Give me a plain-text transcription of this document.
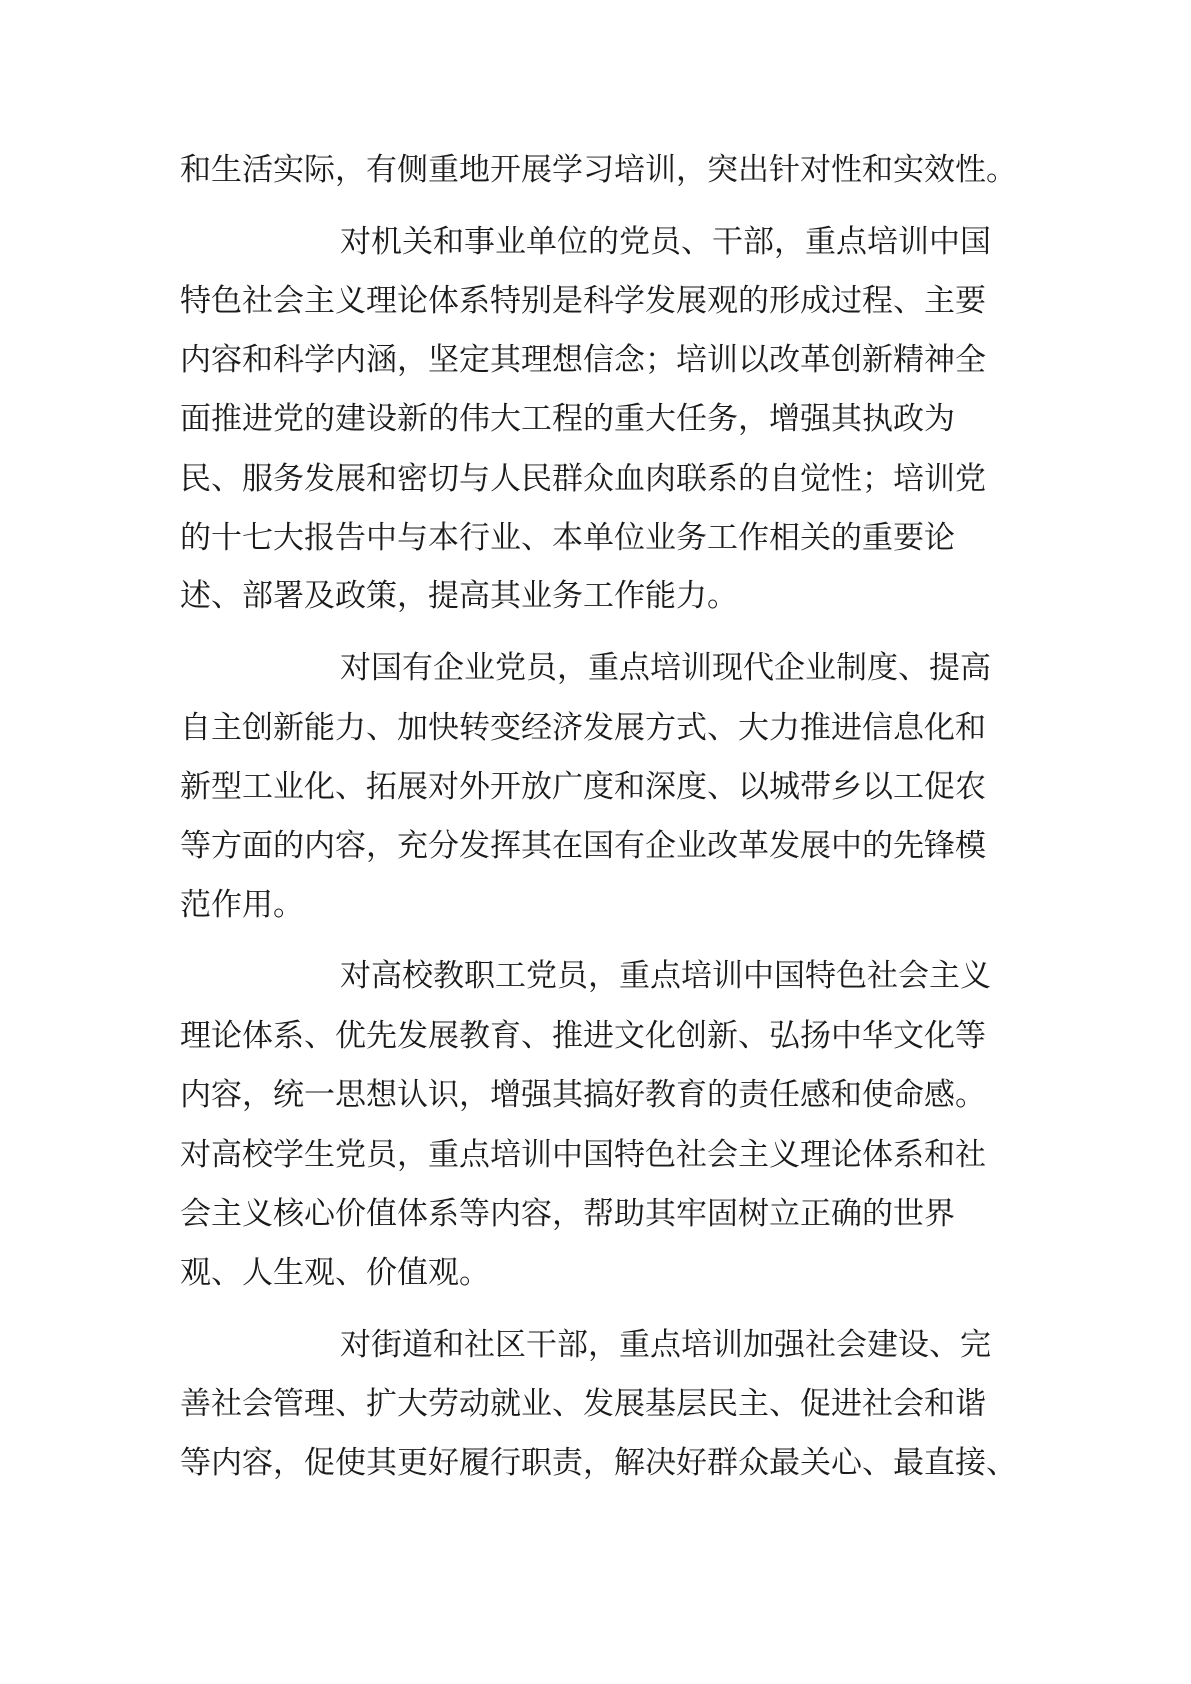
和生活实际，有侧重地开展学习培训，突出针对性和实效性。
对机关和事业单位的党员、干部，重点培训中国
特色社会主义理论体系特别是科学发展观的形成过程、主要
内容和科学内涵，坚定其理想信念；培训以改革创新精神全
面推进党的建设新的伟大工程的重大任务，增强其执政为
民、服务发展和密切与人民群众血肉联系的自觉性；培训党
的十七大报告中与本行业、本单位业务工作相关的重要论
述、部署及政策，提高其业务工作能力。
对国有企业党员，重点培训现代企业制度、提高
自主创新能力、加快转变经济发展方式、大力推进信息化和
新型工业化、拓展对外开放广度和深度、以城带乡以工促农
等方面的内容，充分发挥其在国有企业改革发展中的先锋模
范作用。
对高校教职工党员，重点培训中国特色社会主义
理论体系、优先发展教育、推进文化创新、弘扬中华文化等
内容，统一思想认识，增强其搞好教育的责任感和使命感。
对高校学生党员，重点培训中国特色社会主义理论体系和社
会主义核心价值体系等内容，帮助其牢固树立正确的世界
观、人生观、价值观。
对街道和社区干部，重点培训加强社会建设、完
善社会管理、扩大劳动就业、发展基层民主、促进社会和谐
等内容，促使其更好履行职责，解决好群众最关心、最直接、
